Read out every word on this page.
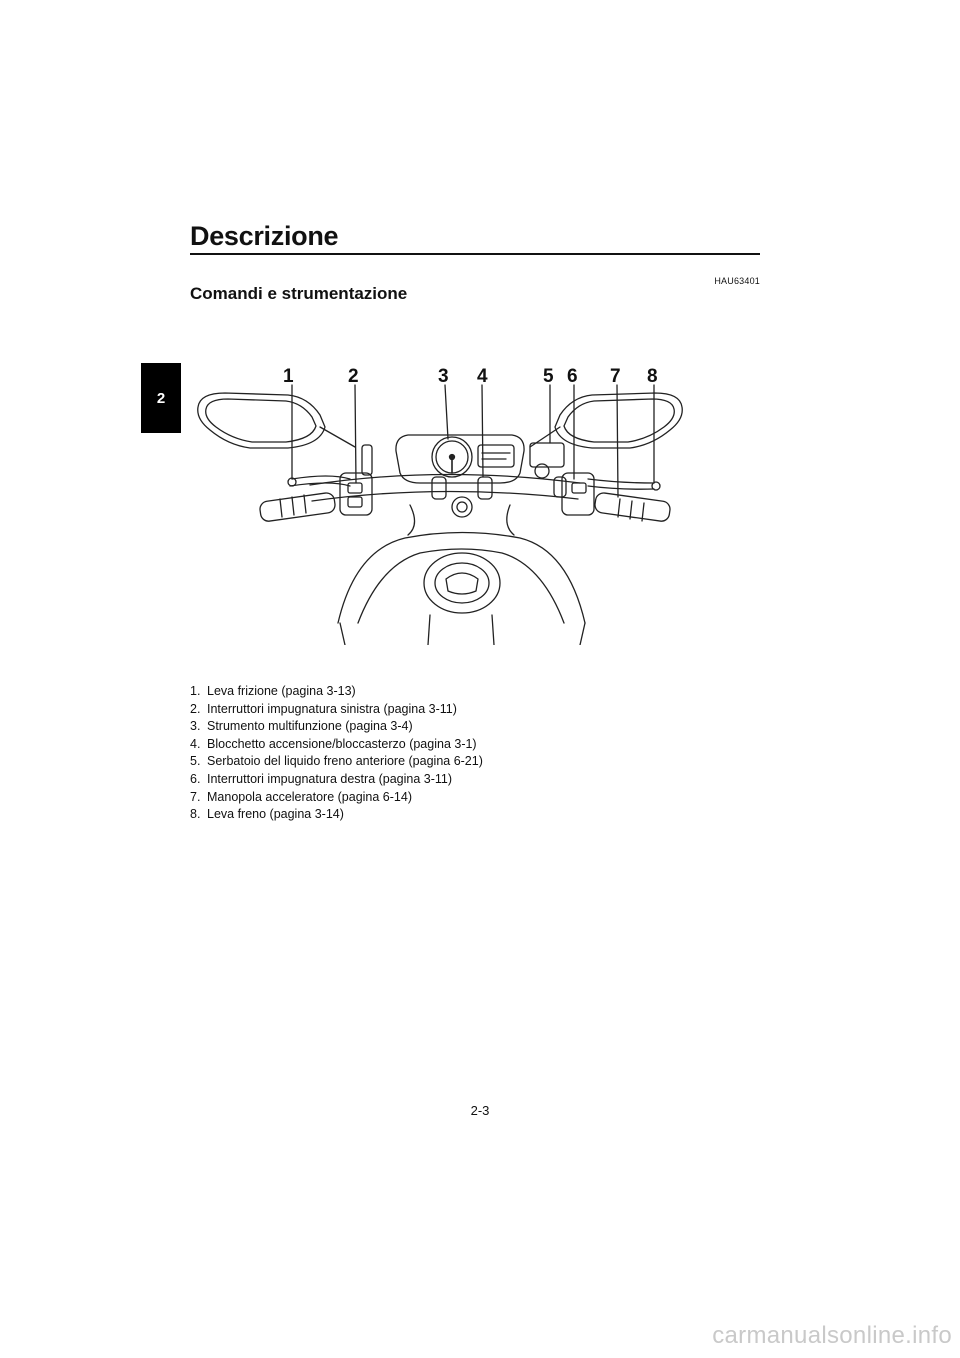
2
Descrizione
HAU63401
Comandi e strumentazione
1	2	3 4	5 6 7 8
1. Leva frizione (pagina 3-13)
2. Interruttori impugnatura sinistra (pagina 3-11)
3. Strumento multifunzione (pagina 3-4)
4. Blocchetto accensione/bloccasterzo (pagina 3-1)
5. Serbatoio del liquido freno anteriore (pagina 6-21)
6. Interruttori impugnatura destra (pagina 3-11)
7. Manopola acceleratore (pagina 6-14)
8. Leva freno (pagina 3-14)
2-3
carmanualsonline.info
